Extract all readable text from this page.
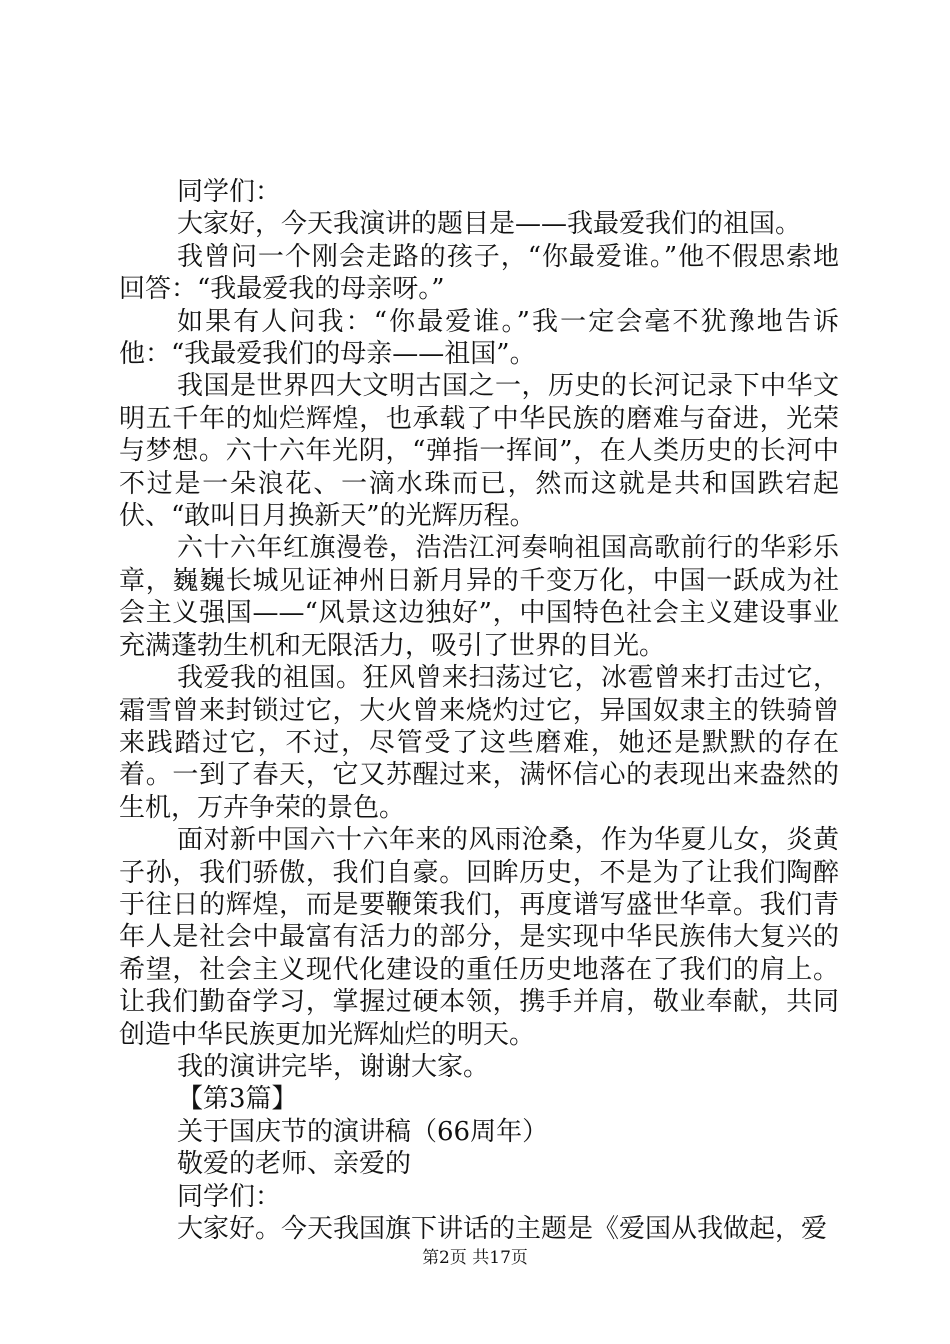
同学们：

大家好，今天我演讲的题目是——我最爱我们的祖国。

我曾问一个刚会走路的孩子，“你最爱谁。”他不假思索地回答：“我最爱我的母亲呀。”

如果有人问我：“你最爱谁。”我一定会毫不犹豫地告诉他：“我最爱我们的母亲——祖国”。

我国是世界四大文明古国之一，历史的长河记录下中华文明五千年的灿烂辉煌，也承载了中华民族的磨难与奋进，光荣与梦想。六十六年光阴，“弹指一挥间”，在人类历史的长河中不过是一朵浪花、一滴水珠而已，然而这就是共和国跌宕起伏、“敢叫日月换新天”的光辉历程。

六十六年红旗漫卷，浩浩江河奏响祖国高歌前行的华彩乐章，巍巍长城见证神州日新月异的千变万化，中国一跃成为社会主义强国——“风景这边独好”，中国特色社会主义建设事业充满蓬勃生机和无限活力，吸引了世界的目光。

我爱我的祖国。狂风曾来扫荡过它，冰雹曾来打击过它，霜雪曾来封锁过它，大火曾来烧灼过它，异国奴隶主的铁骑曾来践踏过它，不过，尽管受了这些磨难，她还是默默的存在着。一到了春天，它又苏醒过来，满怀信心的表现出来盎然的生机，万卉争荣的景色。

面对新中国六十六年来的风雨沧桑，作为华夏儿女，炎黄子孙，我们骄傲，我们自豪。回眸历史，不是为了让我们陶醉于往日的辉煌，而是要鞭策我们，再度谱写盛世华章。我们青年人是社会中最富有活力的部分，是实现中华民族伟大复兴的希望，社会主义现代化建设的重任历史地落在了我们的肩上。让我们勤奋学习，掌握过硬本领，携手并肩，敬业奉献，共同创造中华民族更加光辉灿烂的明天。

我的演讲完毕，谢谢大家。

【第3篇】

关于国庆节的演讲稿（66周年）

敬爱的老师、亲爱的

同学们：

大家好。今天我国旗下讲话的主题是《爱国从我做起，爱

第2页 共17页
